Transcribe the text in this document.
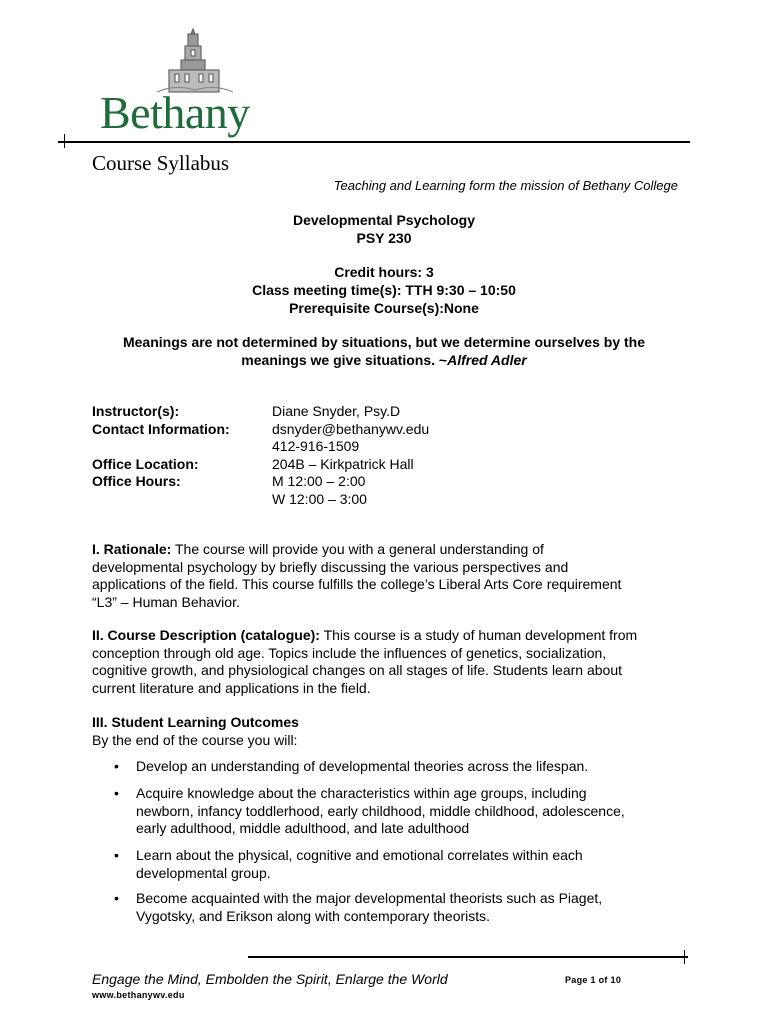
Bethany
Course Syllabus
Teaching and Learning form the mission of Bethany College
Developmental Psychology
PSY 230
Credit hours: 3
Class meeting time(s): TTH 9:30 – 10:50
Prerequisite Course(s):None
Meanings are not determined by situations, but we determine ourselves by the
meanings we give situations. ~Alfred Adler
Instructor(s):	Diane Snyder, Psy.D
Contact Information:	dsnyder@bethanywv.edu
412-916-1509
Office Location:	204B – Kirkpatrick Hall
Office Hours:	M 12:00 – 2:00
W 12:00 – 3:00
I. Rationale: The course will provide you with a general understanding of
developmental psychology by briefly discussing the various perspectives and
applications of the field. This course fulfills the college’s Liberal Arts Core requirement
“L3” – Human Behavior.
II. Course Description (catalogue): This course is a study of human development from
conception through old age. Topics include the influences of genetics, socialization,
cognitive growth, and physiological changes on all stages of life. Students learn about
current literature and applications in the field.
III. Student Learning Outcomes
By the end of the course you will:
• Develop an understanding of developmental theories across the lifespan.
• Acquire knowledge about the characteristics within age groups, including
newborn, infancy toddlerhood, early childhood, middle childhood, adolescence,
early adulthood, middle adulthood, and late adulthood
• Learn about the physical, cognitive and emotional correlates within each
developmental group.
• Become acquainted with the major developmental theorists such as Piaget,
Vygotsky, and Erikson along with contemporary theorists.
Engage the Mind, Embolden the Spirit, Enlarge the World	Page 1 of 10
www.bethanywv.edu
